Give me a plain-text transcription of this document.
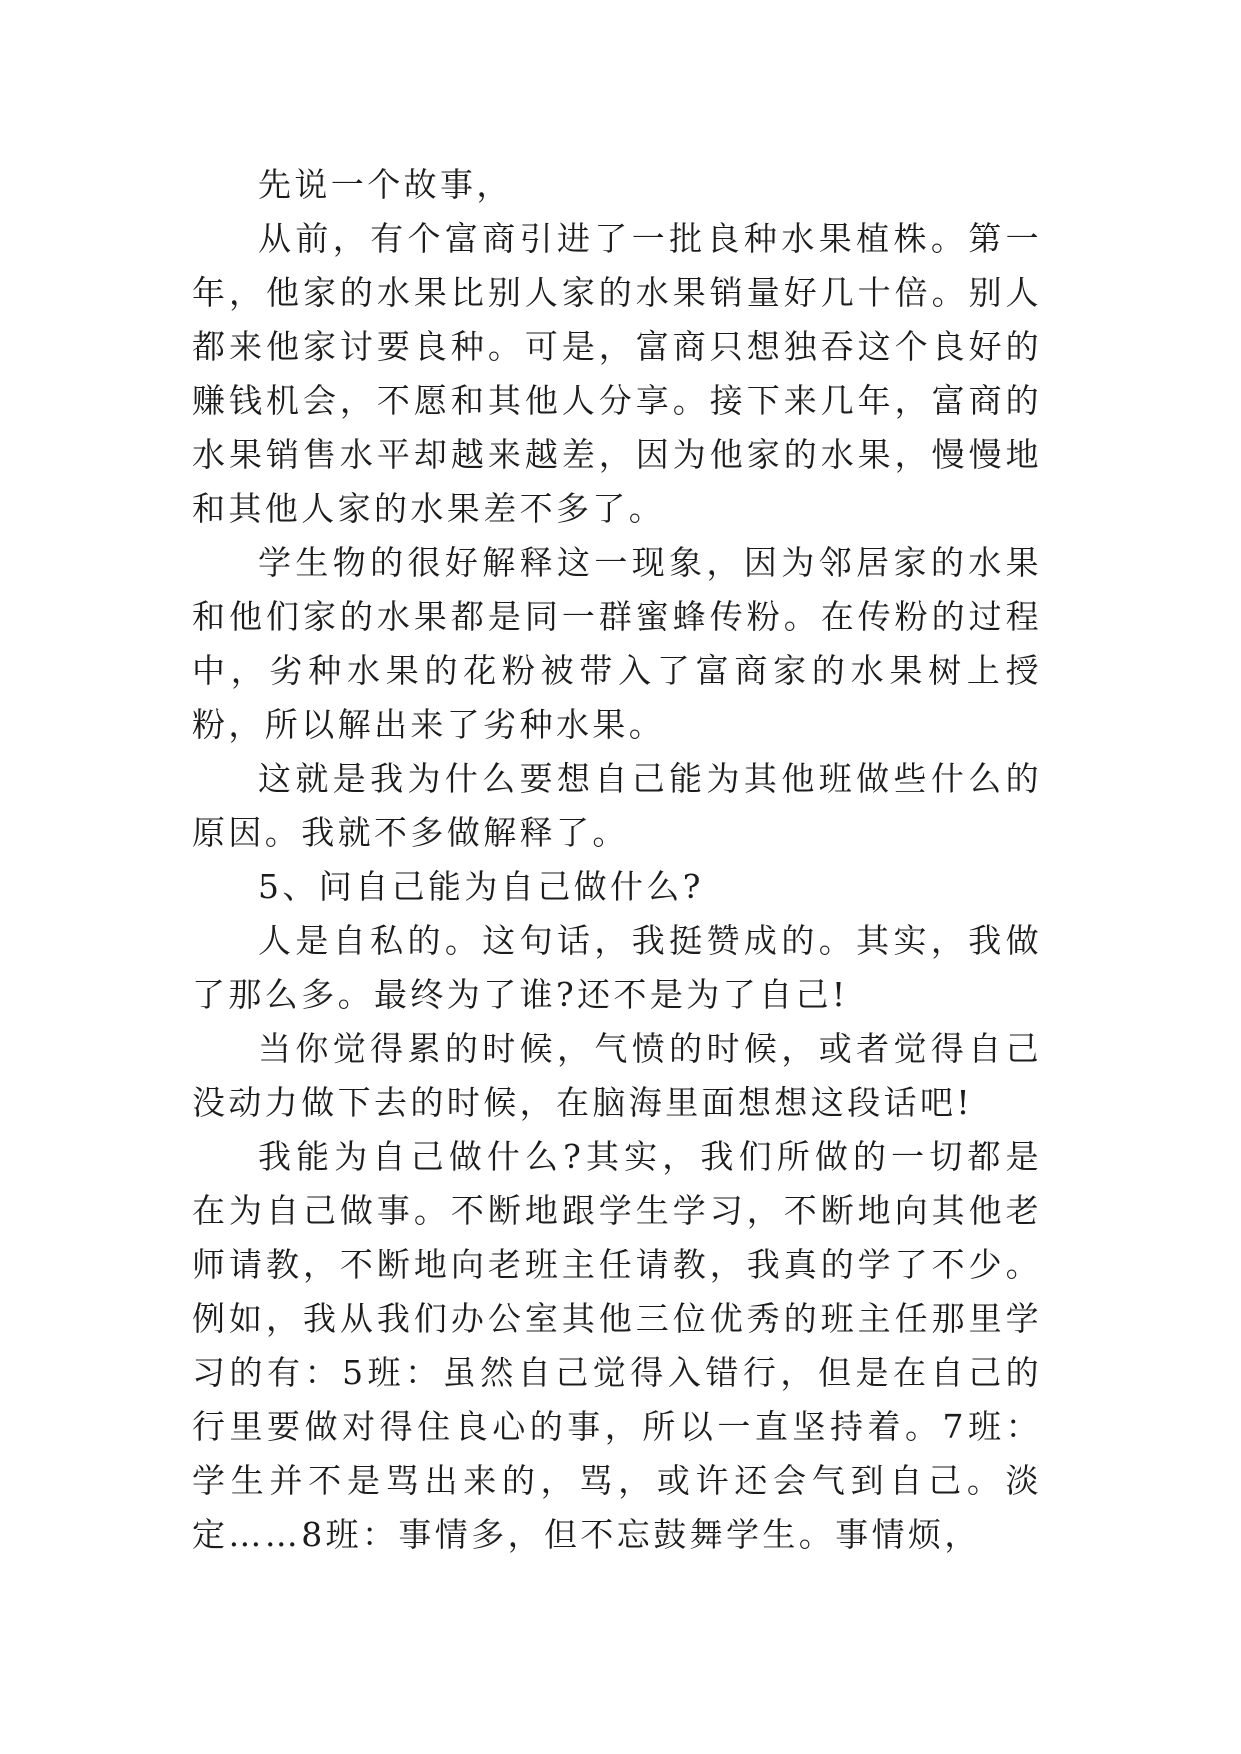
先说一个故事，

从前，有个富商引进了一批良种水果植株。第一年，他家的水果比别人家的水果销量好几十倍。别人都来他家讨要良种。可是，富商只想独吞这个良好的赚钱机会，不愿和其他人分享。接下来几年，富商的水果销售水平却越来越差，因为他家的水果，慢慢地和其他人家的水果差不多了。

学生物的很好解释这一现象，因为邻居家的水果和他们家的水果都是同一群蜜蜂传粉。在传粉的过程中，劣种水果的花粉被带入了富商家的水果树上授粉，所以解出来了劣种水果。

这就是我为什么要想自己能为其他班做些什么的原因。我就不多做解释了。

5、问自己能为自己做什么?

人是自私的。这句话，我挺赞成的。其实，我做了那么多。最终为了谁?还不是为了自己!

当你觉得累的时候，气愤的时候，或者觉得自己没动力做下去的时候，在脑海里面想想这段话吧!

我能为自己做什么?其实，我们所做的一切都是在为自己做事。不断地跟学生学习，不断地向其他老师请教，不断地向老班主任请教，我真的学了不少。例如，我从我们办公室其他三位优秀的班主任那里学习的有：5班：虽然自己觉得入错行，但是在自己的行里要做对得住良心的事，所以一直坚持着。7班：学生并不是骂出来的，骂，或许还会气到自己。淡定……8班：事情多，但不忘鼓舞学生。事情烦，
